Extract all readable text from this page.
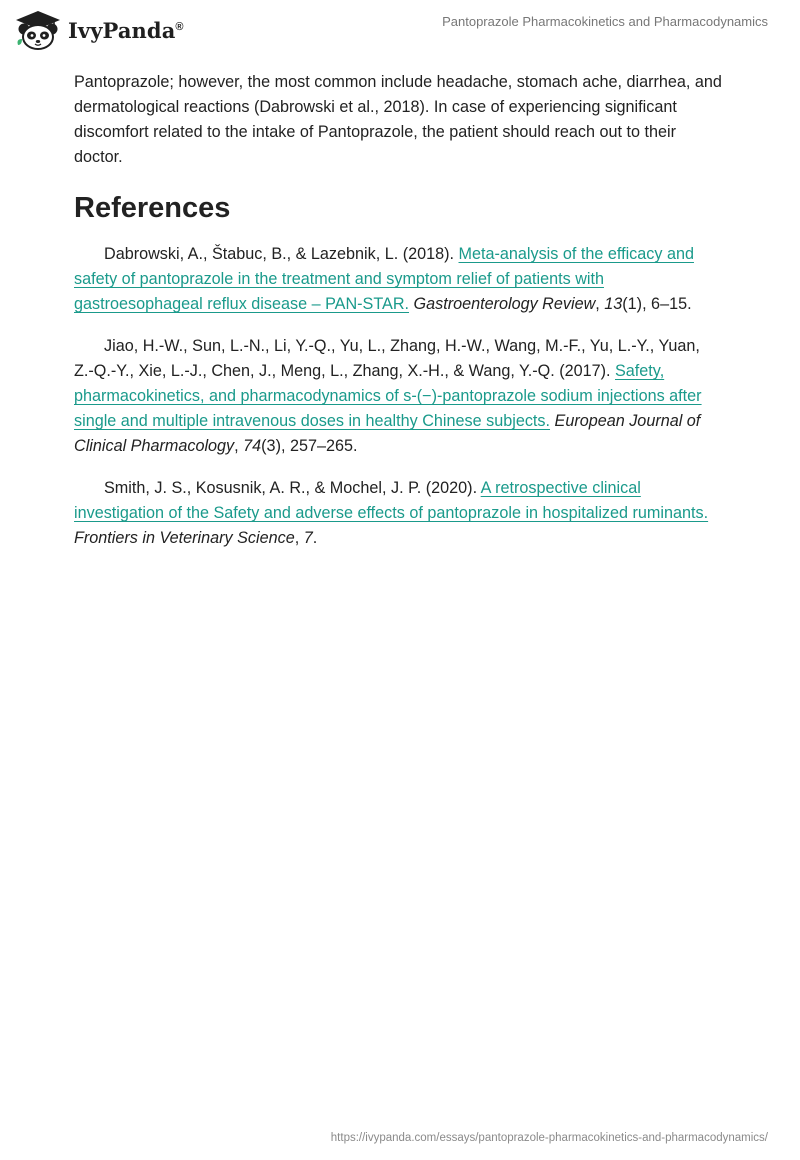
IvyPanda®	Pantoprazole Pharmacokinetics and Pharmacodynamics

Pantoprazole; however, the most common include headache, stomach ache, diarrhea, and dermatological reactions (Dabrowski et al., 2018). In case of experiencing significant discomfort related to the intake of Pantoprazole, the patient should reach out to their doctor.

References

Dabrowski, A., Štabuc, B., & Lazebnik, L. (2018). Meta-analysis of the efficacy and safety of pantoprazole in the treatment and symptom relief of patients with gastroesophageal reflux disease – PAN-STAR. Gastroenterology Review, 13(1), 6–15.

Jiao, H.-W., Sun, L.-N., Li, Y.-Q., Yu, L., Zhang, H.-W., Wang, M.-F., Yu, L.-Y., Yuan, Z.-Q.-Y., Xie, L.-J., Chen, J., Meng, L., Zhang, X.-H., & Wang, Y.-Q. (2017). Safety, pharmacokinetics, and pharmacodynamics of s-(−)-pantoprazole sodium injections after single and multiple intravenous doses in healthy Chinese subjects. European Journal of Clinical Pharmacology, 74(3), 257–265.

Smith, J. S., Kosusnik, A. R., & Mochel, J. P. (2020). A retrospective clinical investigation of the Safety and adverse effects of pantoprazole in hospitalized ruminants. Frontiers in Veterinary Science, 7.

https://ivypanda.com/essays/pantoprazole-pharmacokinetics-and-pharmacodynamics/
